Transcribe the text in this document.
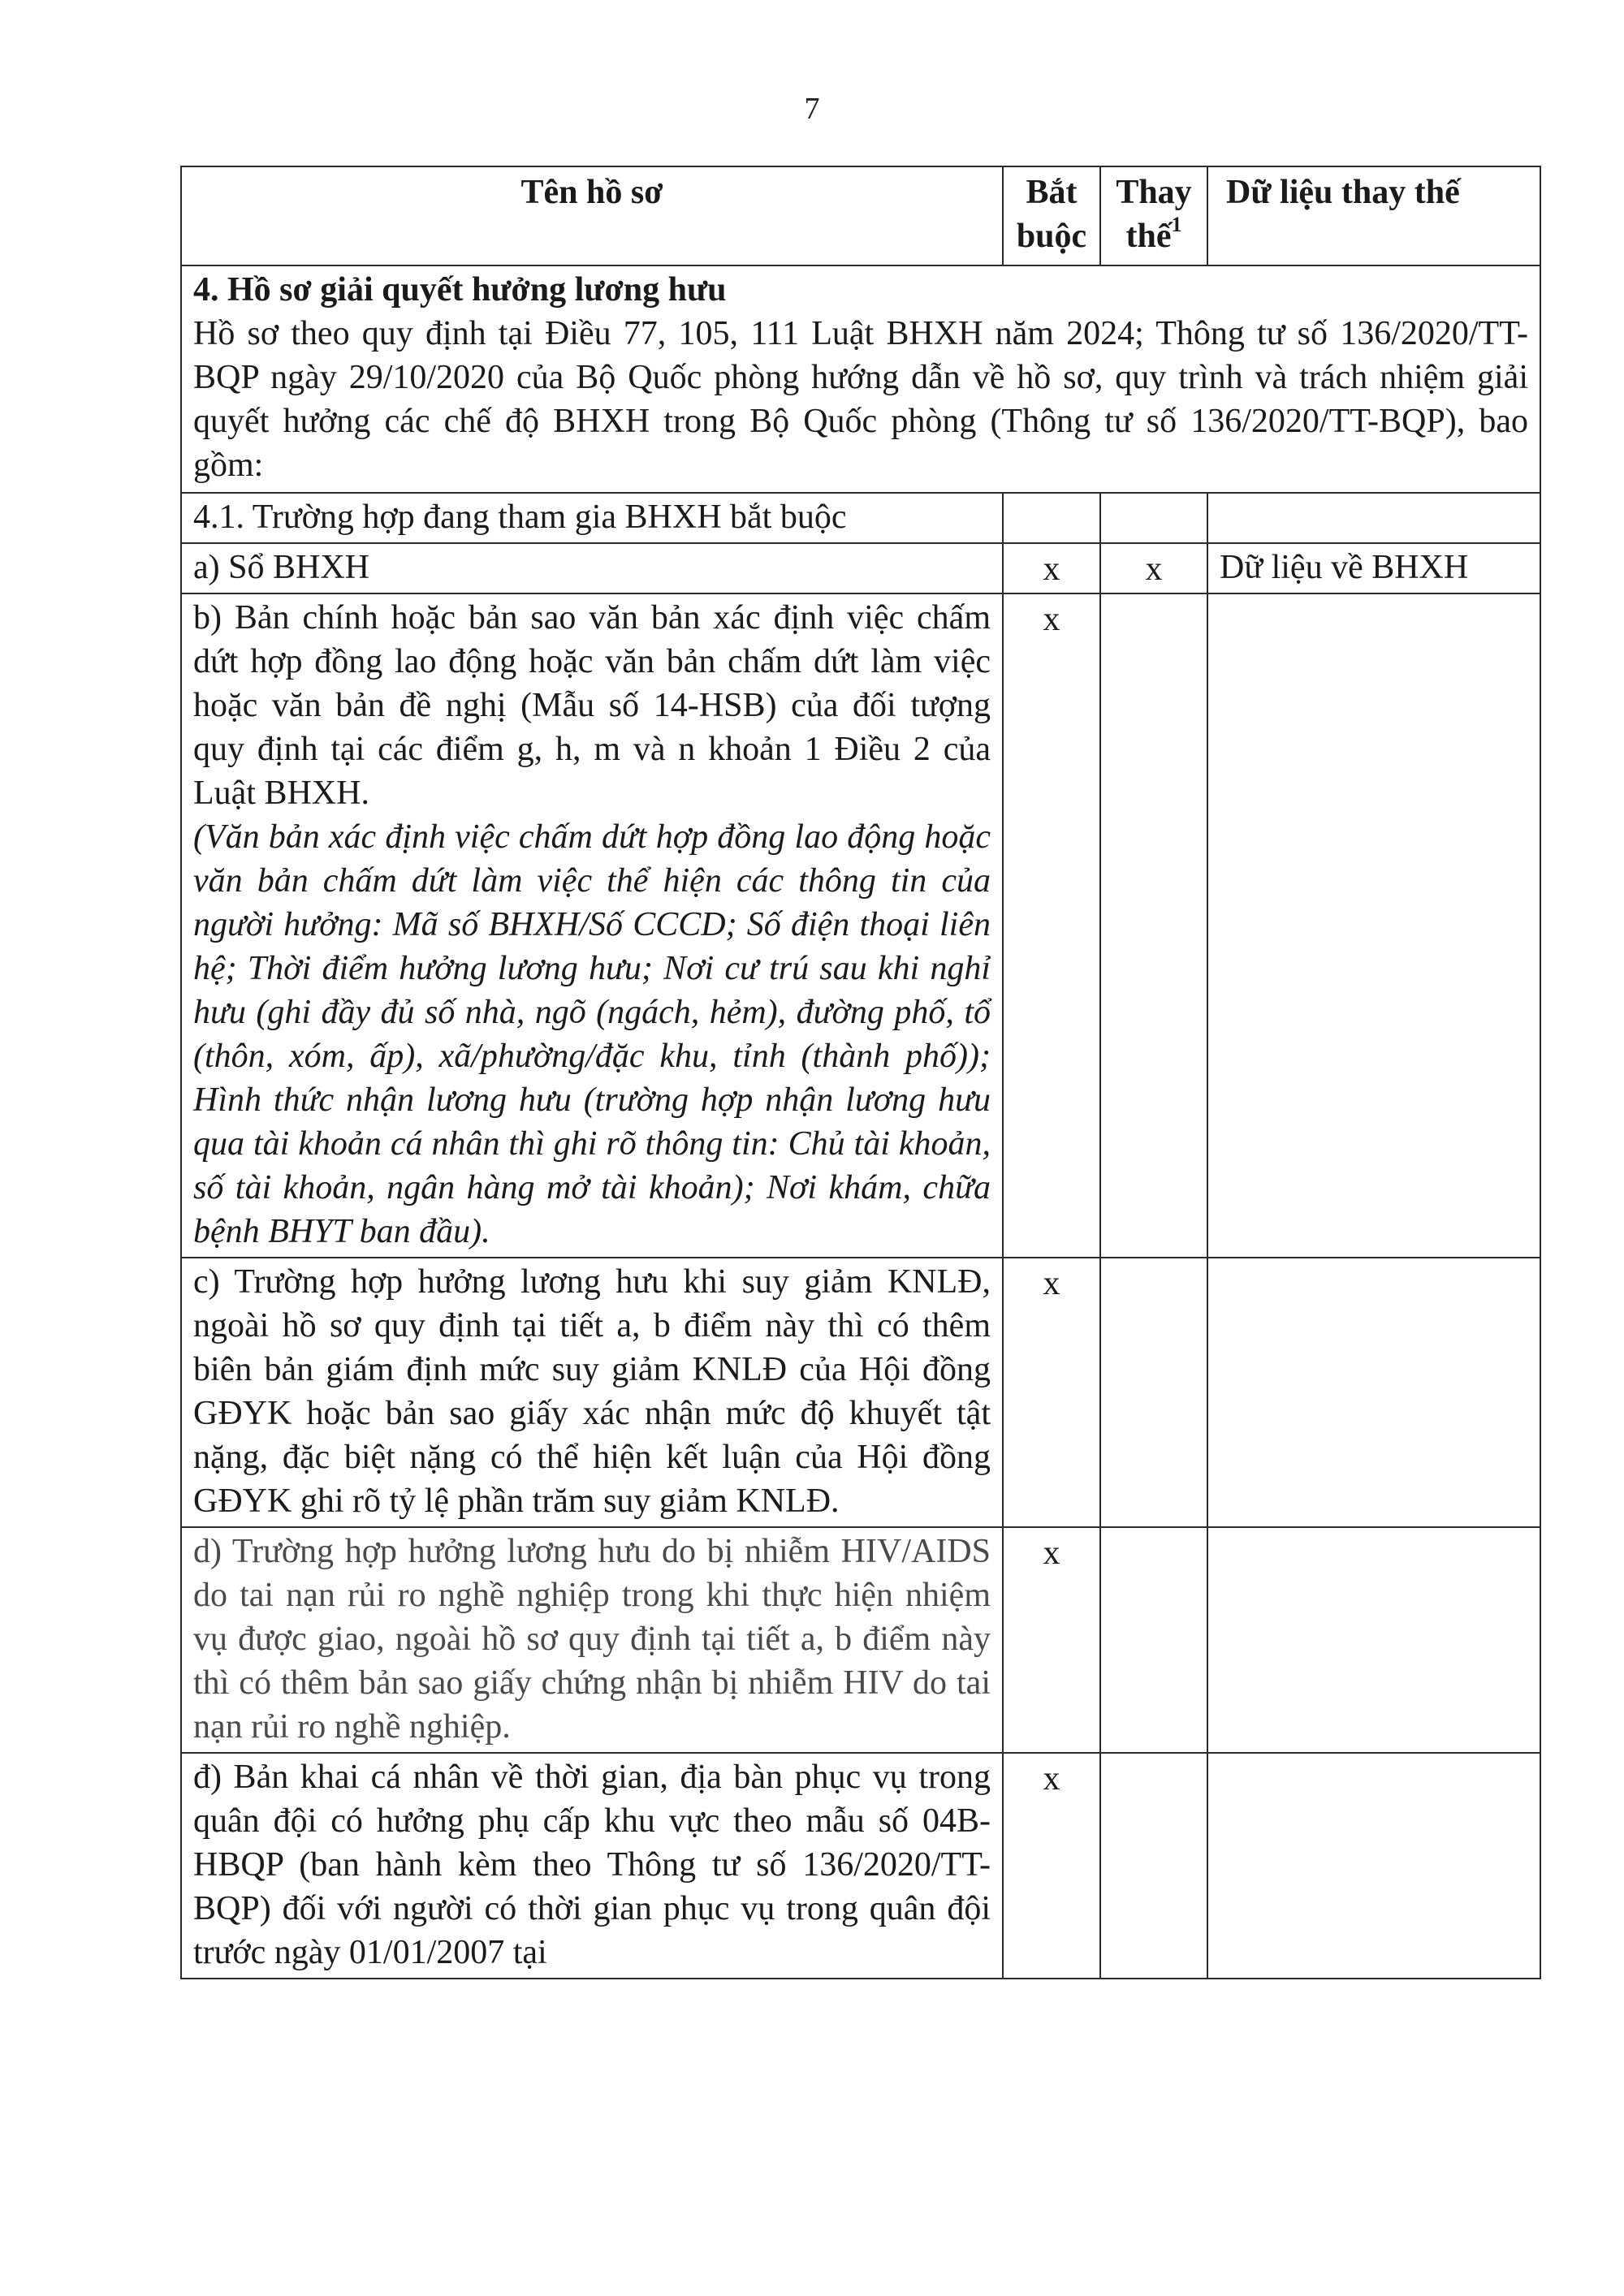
7
Tên hồ sơ	Bắt buộc	Thay thế$^1$	Dữ liệu thay thế

4. Hồ sơ giải quyết hưởng lương hưu
Hồ sơ theo quy định tại Điều 77, 105, 111 Luật BHXH năm 2024; Thông tư số 136/2020/TT-BQP ngày 29/10/2020 của Bộ Quốc phòng hướng dẫn về hồ sơ, quy trình và trách nhiệm giải quyết hưởng các chế độ BHXH trong Bộ Quốc phòng (Thông tư số 136/2020/TT-BQP), bao gồm:			

4.1. Trường hợp đang tham gia BHXH bắt buộc			
a) Sổ BHXH	x	x	Dữ liệu về BHXH

b) Bản chính hoặc bản sao văn bản xác định việc chấm dứt hợp đồng lao động hoặc văn bản chấm dứt làm việc hoặc văn bản đề nghị (Mẫu số 14-HSB) của đối tượng quy định tại các điểm g, h, m và n khoản 1 Điều 2 của Luật BHXH.
(Văn bản xác định việc chấm dứt hợp đồng lao động hoặc văn bản chấm dứt làm việc thể hiện các thông tin của người hưởng: Mã số BHXH/Số CCCD; Số điện thoại liên hệ; Thời điểm hưởng lương hưu; Nơi cư trú sau khi nghỉ hưu (ghi đầy đủ số nhà, ngõ (ngách, hẻm), đường phố, tổ (thôn, xóm, ấp), xã/phường/đặc khu, tỉnh (thành phố)); Hình thức nhận lương hưu (trường hợp nhận lương hưu qua tài khoản cá nhân thì ghi rõ thông tin: Chủ tài khoản, số tài khoản, ngân hàng mở tài khoản); Nơi khám, chữa bệnh BHYT ban đầu).	x		
c) Trường hợp hưởng lương hưu khi suy giảm KNLĐ, ngoài hồ sơ quy định tại tiết a, b điểm này thì có thêm biên bản giám định mức suy giảm KNLĐ của Hội đồng GĐYK hoặc bản sao giấy xác nhận mức độ khuyết tật nặng, đặc biệt nặng có thể hiện kết luận của Hội đồng GĐYK ghi rõ tỷ lệ phần trăm suy giảm KNLĐ.	x		
d) Trường hợp hưởng lương hưu do bị nhiễm HIV/AIDS do tai nạn rủi ro nghề nghiệp trong khi thực hiện nhiệm vụ được giao, ngoài hồ sơ quy định tại tiết a, b điểm này thì có thêm bản sao giấy chứng nhận bị nhiễm HIV do tai nạn rủi ro nghề nghiệp.	x		
đ) Bản khai cá nhân về thời gian, địa bàn phục vụ trong quân đội có hưởng phụ cấp khu vực theo mẫu số 04B-HBQP (ban hành kèm theo Thông tư số 136/2020/TT-BQP) đối với người có thời gian phục vụ trong quân đội trước ngày 01/01/2007 tại	x		
